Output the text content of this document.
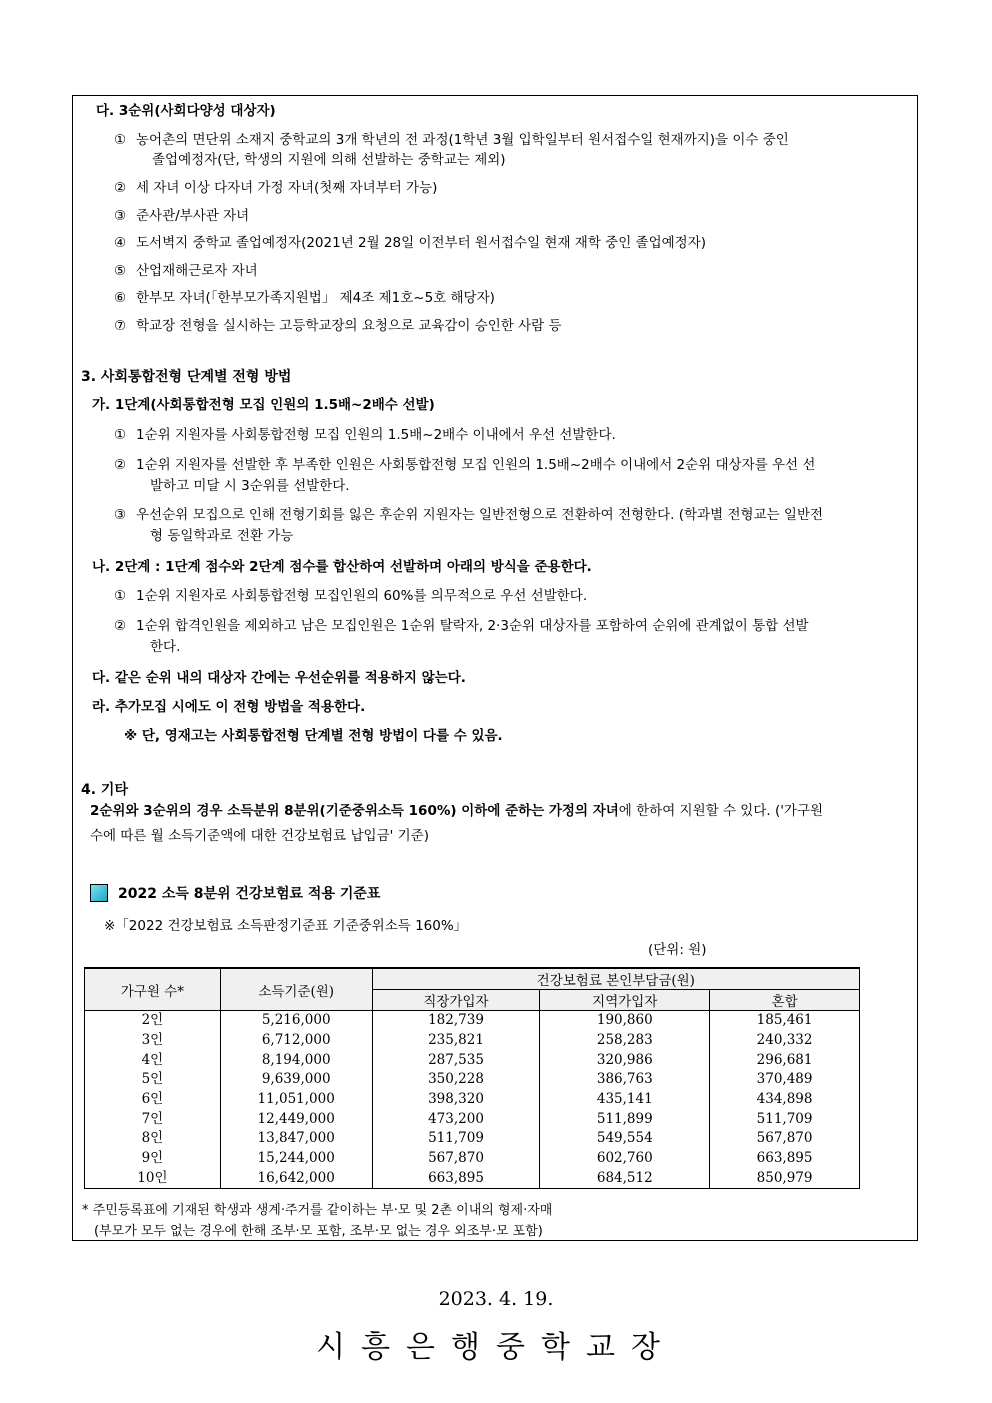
다. 3순위(사회다양성 대상자)
① 농어촌의 면단위 소재지 중학교의 3개 학년의 전 과정(1학년 3월 입학일부터 원서접수일 현재까지)을 이수 중인
졸업예정자(단, 학생의 지원에 의해 선발하는 중학교는 제외)
② 세 자녀 이상 다자녀 가정 자녀(첫째 자녀부터 가능)
③ 준사관/부사관 자녀
④ 도서벽지 중학교 졸업예정자(2021년 2월 28일 이전부터 원서접수일 현재 재학 중인 졸업예정자)
⑤ 산업재해근로자 자녀
⑥ 한부모 자녀(「한부모가족지원법」 제4조 제1호~5호 해당자)
⑦ 학교장 전형을 실시하는 고등학교장의 요청으로 교육감이 승인한 사람 등
3. 사회통합전형 단계별 전형 방법
가. 1단계(사회통합전형 모집 인원의 1.5배~2배수 선발)
① 1순위 지원자를 사회통합전형 모집 인원의 1.5배~2배수 이내에서 우선 선발한다.
② 1순위 지원자를 선발한 후 부족한 인원은 사회통합전형 모집 인원의 1.5배~2배수 이내에서 2순위 대상자를 우선 선
발하고 미달 시 3순위를 선발한다.
③ 우선순위 모집으로 인해 전형기회를 잃은 후순위 지원자는 일반전형으로 전환하여 전형한다. (학과별 전형교는 일반전
형 동일학과로 전환 가능
나. 2단계 : 1단계 점수와 2단계 점수를 합산하여 선발하며 아래의 방식을 준용한다.
① 1순위 지원자로 사회통합전형 모집인원의 60%를 의무적으로 우선 선발한다.
② 1순위 합격인원을 제외하고 남은 모집인원은 1순위 탈락자, 2·3순위 대상자를 포함하여 순위에 관계없이 통합 선발
한다.
다. 같은 순위 내의 대상자 간에는 우선순위를 적용하지 않는다.
라. 추가모집 시에도 이 전형 방법을 적용한다.
※ 단, 영재고는 사회통합전형 단계별 전형 방법이 다를 수 있음.
4. 기타
2순위와 3순위의 경우 소득분위 8분위(기준중위소득 160%) 이하에 준하는 가정의 자녀에 한하여 지원할 수 있다. ('가구원
수에 따른 월 소득기준액에 대한 건강보험료 납입금' 기준)
2022 소득 8분위 건강보험료 적용 기준표
※「2022 건강보험료 소득판정기준표 기준중위소득 160%」
(단위: 원)
가구원 수*	소득기준(원)	건강보험료 본인부담금(원)		
		직장가입자	지역가입자	혼합
2인	5,216,000	182,739	190,860	185,461
3인	6,712,000	235,821	258,283	240,332
4인	8,194,000	287,535	320,986	296,681
5인	9,639,000	350,228	386,763	370,489
6인	11,051,000	398,320	435,141	434,898
7인	12,449,000	473,200	511,899	511,709
8인	13,847,000	511,709	549,554	567,870
9인	15,244,000	567,870	602,760	663,895
10인	16,642,000	663,895	684,512	850,979
* 주민등록표에 기재된 학생과 생계·주거를 같이하는 부·모 및 2촌 이내의 형제·자매
(부모가 모두 없는 경우에 한해 조부·모 포함, 조부·모 없는 경우 외조부·모 포함)
2023. 4. 19.
시흥은행중학교장
